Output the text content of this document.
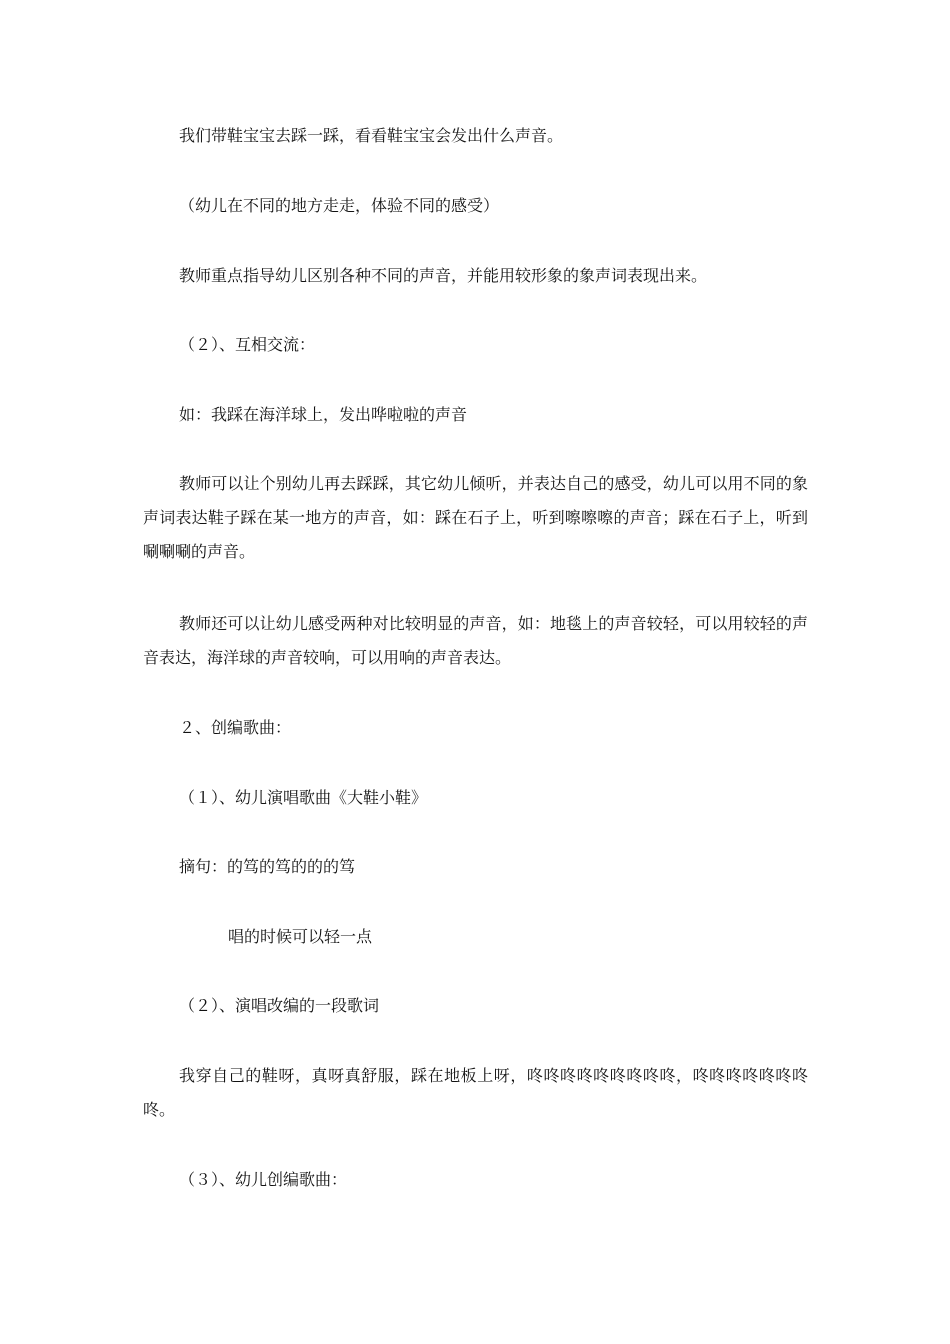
我们带鞋宝宝去踩一踩，看看鞋宝宝会发出什么声音。

（幼儿在不同的地方走走，体验不同的感受）

教师重点指导幼儿区别各种不同的声音，并能用较形象的象声词表现出来。

（２）、互相交流：

如：我踩在海洋球上，发出哗啦啦的声音

教师可以让个别幼儿再去踩踩，其它幼儿倾听，并表达自己的感受，幼儿可以用不同的象声词表达鞋子踩在某一地方的声音，如：踩在石子上，听到嚓嚓嚓的声音；踩在石子上，听到唰唰唰的声音。

教师还可以让幼儿感受两种对比较明显的声音，如：地毯上的声音较轻，可以用较轻的声音表达，海洋球的声音较响，可以用响的声音表达。

２、创编歌曲：

（１）、幼儿演唱歌曲《大鞋小鞋》

摘句：的笃的笃的的的笃

唱的时候可以轻一点

（２）、演唱改编的一段歌词

我穿自己的鞋呀，真呀真舒服，踩在地板上呀，咚咚咚咚咚咚咚咚咚，咚咚咚咚咚咚咚咚。

（３）、幼儿创编歌曲：
